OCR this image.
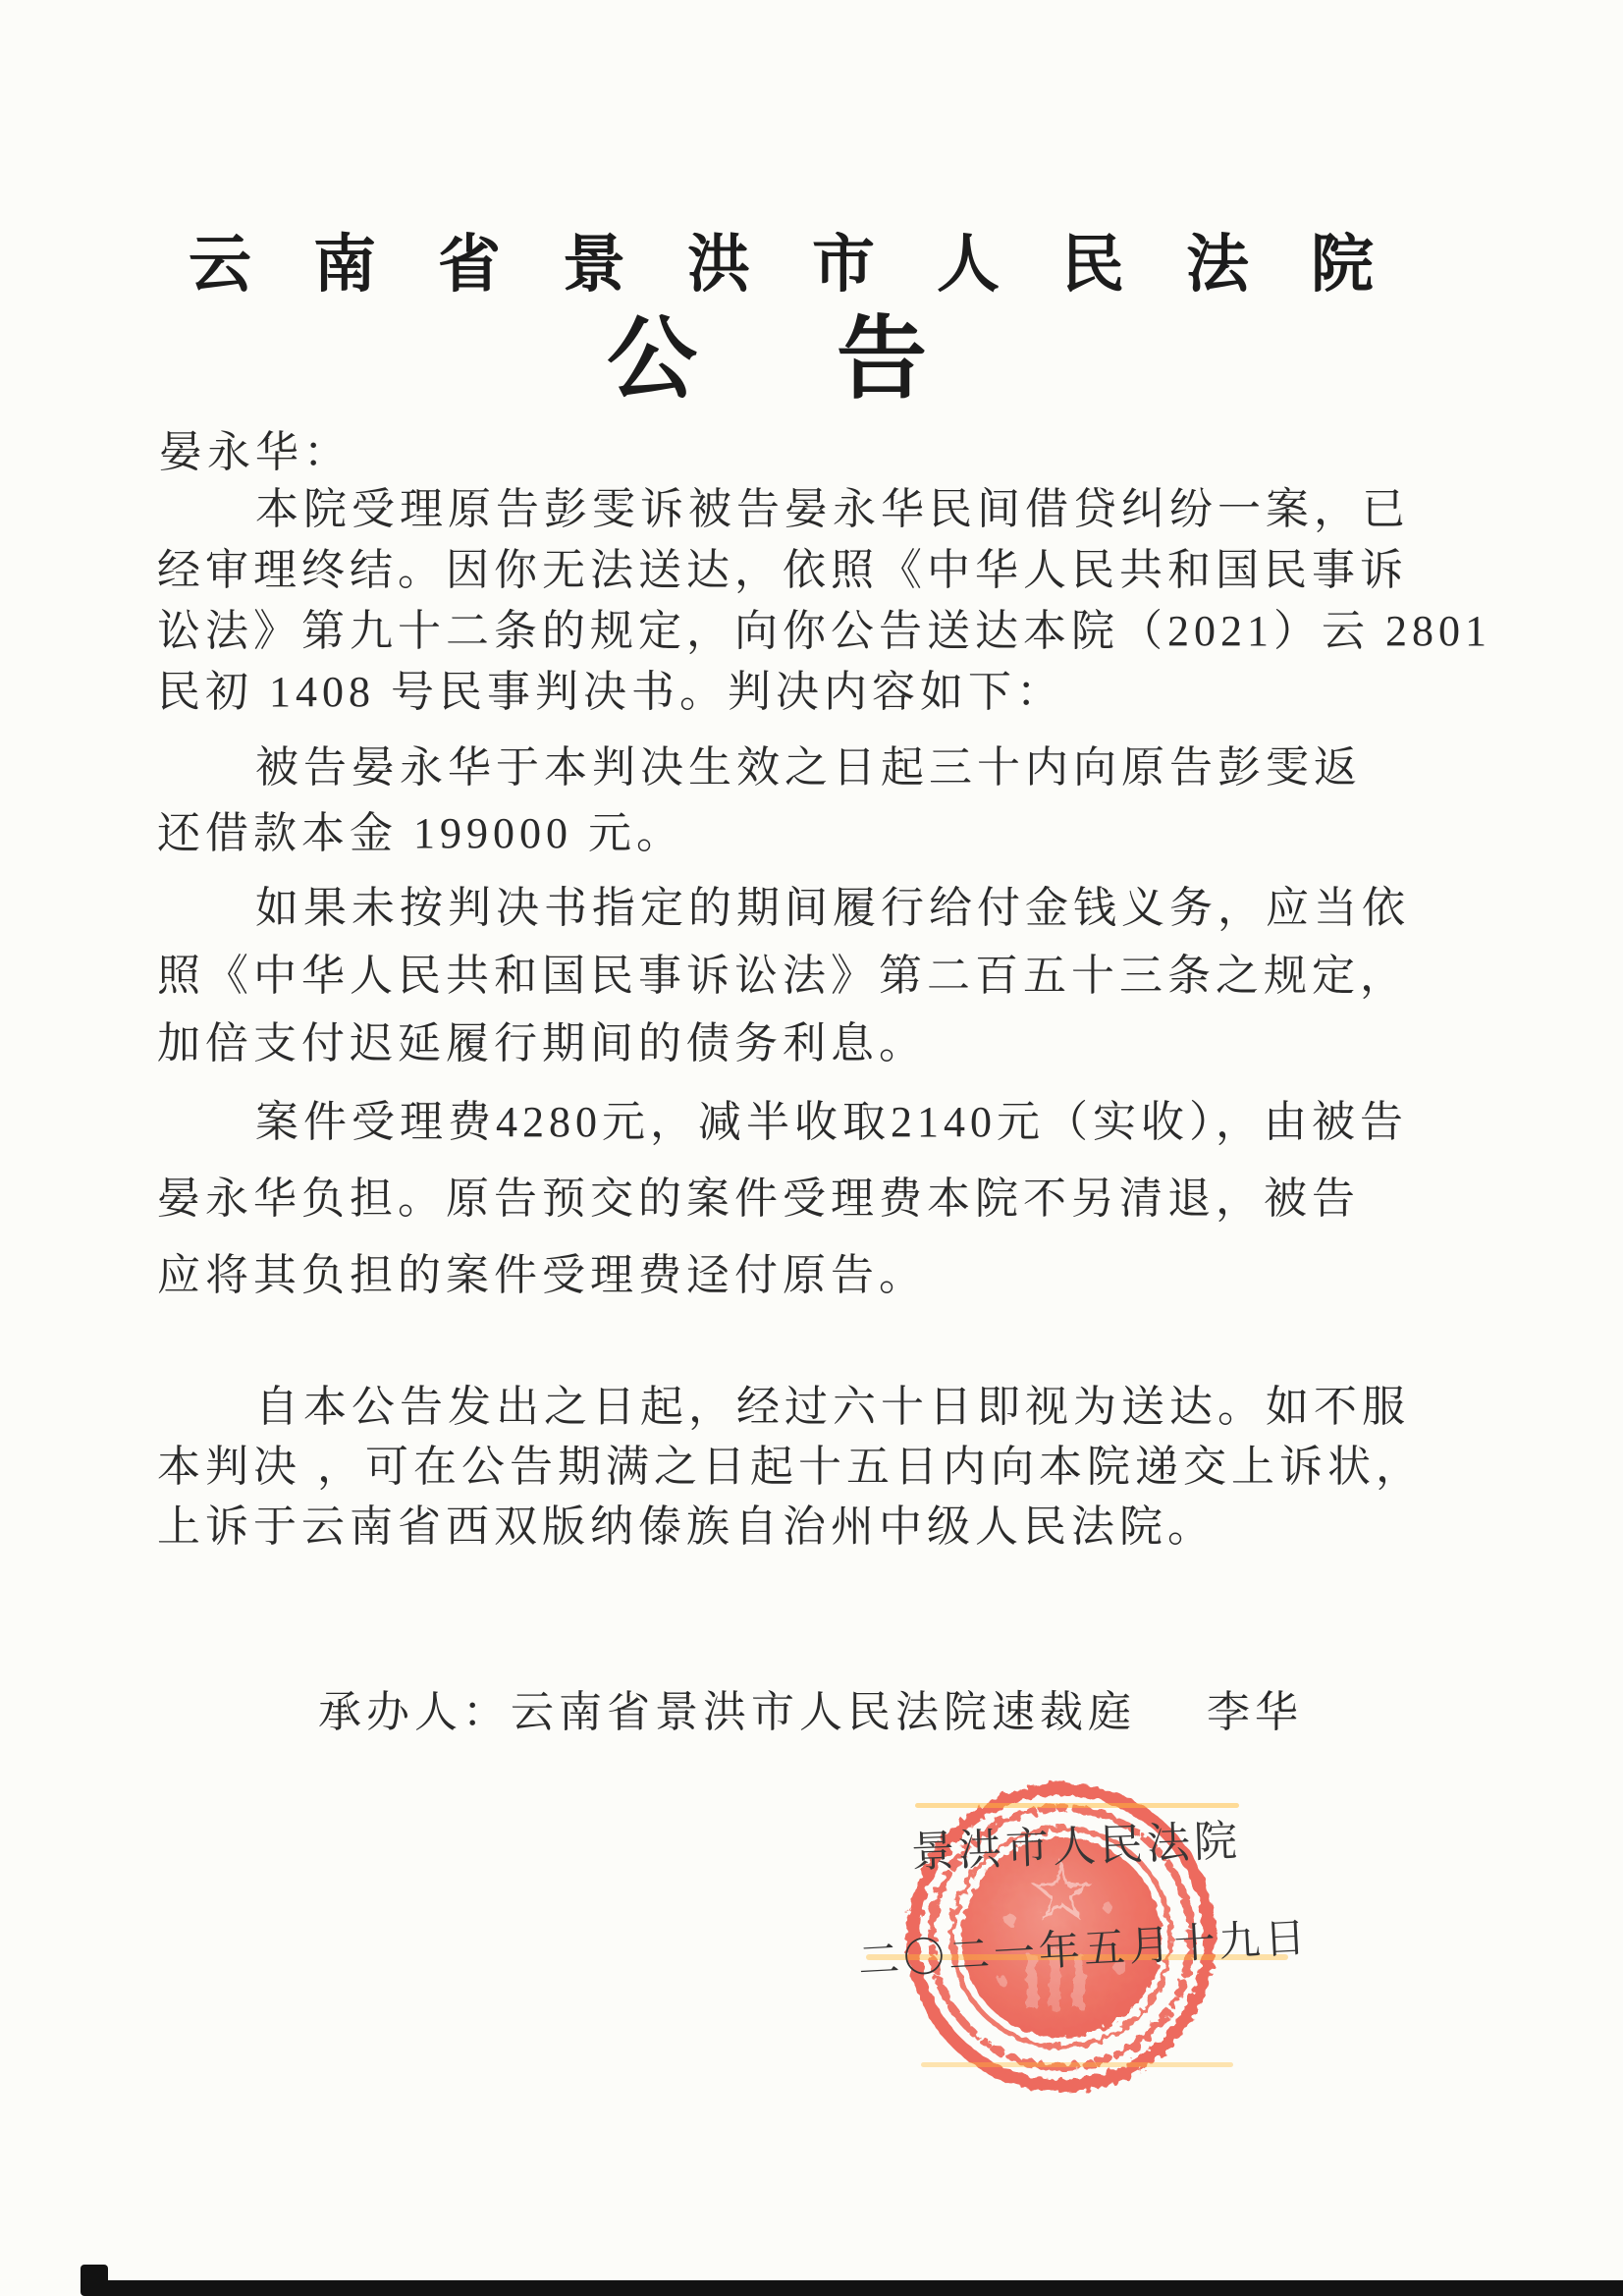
云南省景洪市人民法院
公告
晏永华：
本院受理原告彭雯诉被告晏永华民间借贷纠纷一案，已
经审理终结。因你无法送达，依照《中华人民共和国民事诉
讼法》第九十二条的规定，向你公告送达本院（2021）云 2801
民初 1408 号民事判决书。判决内容如下：
被告晏永华于本判决生效之日起三十内向原告彭雯返
还借款本金 199000 元。
如果未按判决书指定的期间履行给付金钱义务，应当依
照《中华人民共和国民事诉讼法》第二百五十三条之规定，
加倍支付迟延履行期间的债务利息。
案件受理费4280元，减半收取2140元（实收），由被告
晏永华负担。原告预交的案件受理费本院不另清退，被告
应将其负担的案件受理费迳付原告。
自本公告发出之日起，经过六十日即视为送达。如不服
本判决 ，可在公告期满之日起十五日内向本院递交上诉状，
上诉于云南省西双版纳傣族自治州中级人民法院。

承办人：云南省景洪市人民法院速裁庭 李华

景洪市人民法院
二〇二一年五月十九日
